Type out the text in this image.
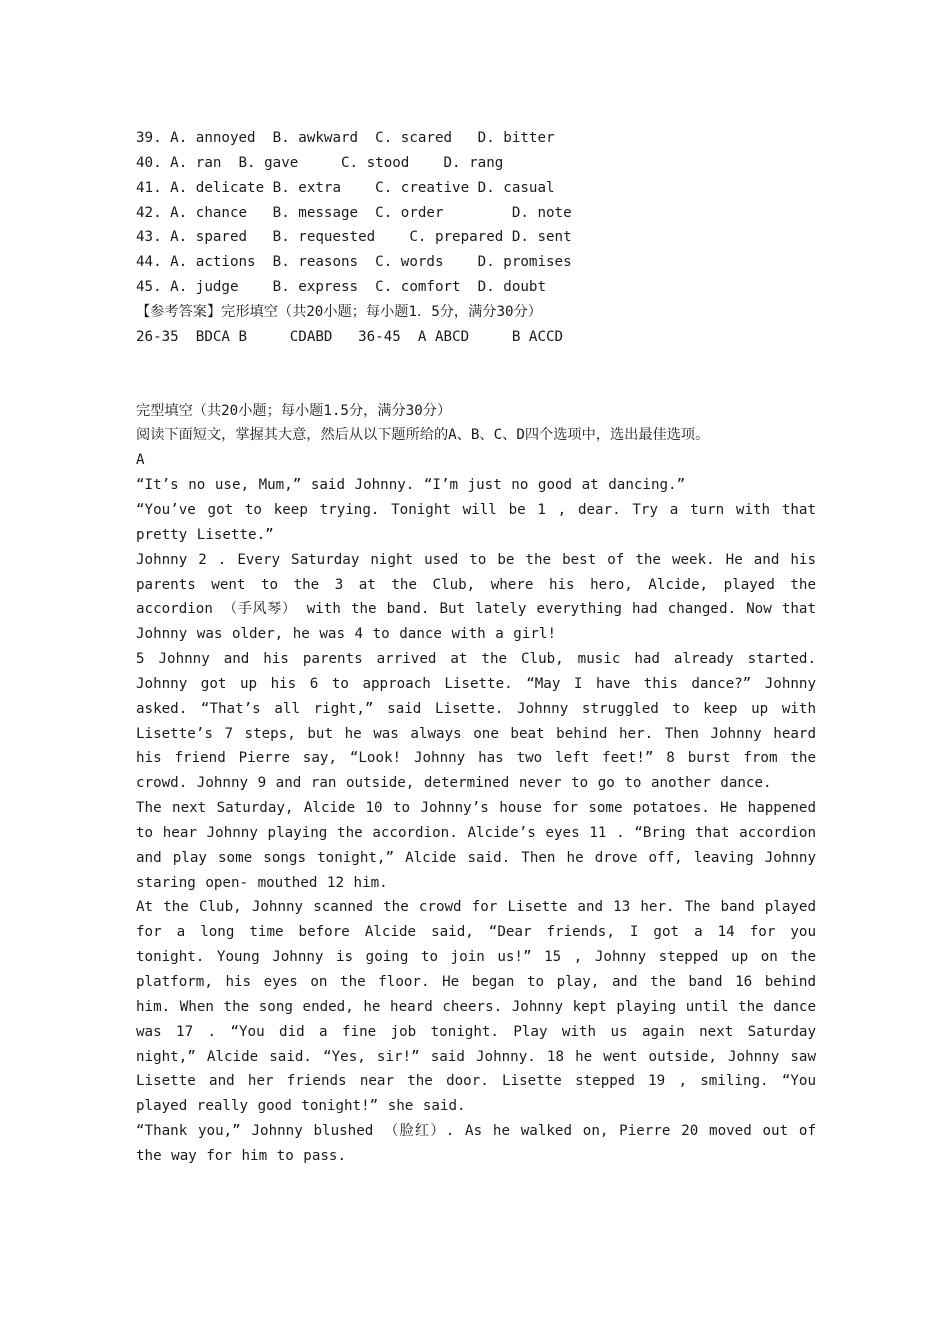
39. A. annoyed  B. awkward  C. scared   D. bitter
40. A. ran  B. gave     C. stood    D. rang
41. A. delicate B. extra    C. creative D. casual
42. A. chance   B. message  C. order        D. note
43. A. spared   B. requested    C. prepared D. sent
44. A. actions  B. reasons  C. words    D. promises
45. A. judge    B. express  C. comfort  D. doubt
【参考答案】完形填空（共20小题；每小题1．5分，满分30分）
26-35  BDCA B     CDABD   36-45  A ABCD     B ACCD
完型填空（共20小题；每小题1.5分，满分30分）
阅读下面短文，掌握其大意，然后从以下题所给的A、B、C、D四个选项中，选出最佳选项。
A
“It’s no use, Mum,” said Johnny. “I’m just no good at dancing.”
“You’ve got to keep trying. Tonight will be 1 , dear. Try a turn with that pretty Lisette.”
Johnny 2 . Every Saturday night used to be the best of the week. He and his parents went to the 3 at the Club, where his hero, Alcide, played the accordion （手风琴） with the band. But lately everything had changed. Now that Johnny was older, he was 4 to dance with a girl!
5 Johnny and his parents arrived at the Club, music had already started. Johnny got up his 6 to approach Lisette. “May I have this dance?” Johnny asked. “That’s all right,” said Lisette. Johnny struggled to keep up with Lisette’s 7 steps, but he was always one beat behind her. Then Johnny heard his friend Pierre say, “Look! Johnny has two left feet!” 8 burst from the crowd. Johnny 9 and ran outside, determined never to go to another dance.
The next Saturday, Alcide 10 to Johnny’s house for some potatoes. He happened to hear Johnny playing the accordion. Alcide’s eyes 11 . “Bring that accordion and play some songs tonight,” Alcide said. Then he drove off, leaving Johnny staring open- mouthed 12 him.
At the Club, Johnny scanned the crowd for Lisette and 13 her. The band played for a long time before Alcide said, “Dear friends, I got a 14 for you tonight. Young Johnny is going to join us!” 15 , Johnny stepped up on the platform, his eyes on the floor. He began to play, and the band 16 behind him. When the song ended, he heard cheers. Johnny kept playing until the dance was 17 . “You did a fine job tonight. Play with us again next Saturday night,” Alcide said. “Yes, sir!” said Johnny. 18 he went outside, Johnny saw Lisette and her friends near the door. Lisette stepped 19 , smiling. “You played really good tonight!” she said.
“Thank you,” Johnny blushed （脸红）. As he walked on, Pierre 20 moved out of the way for him to pass.
